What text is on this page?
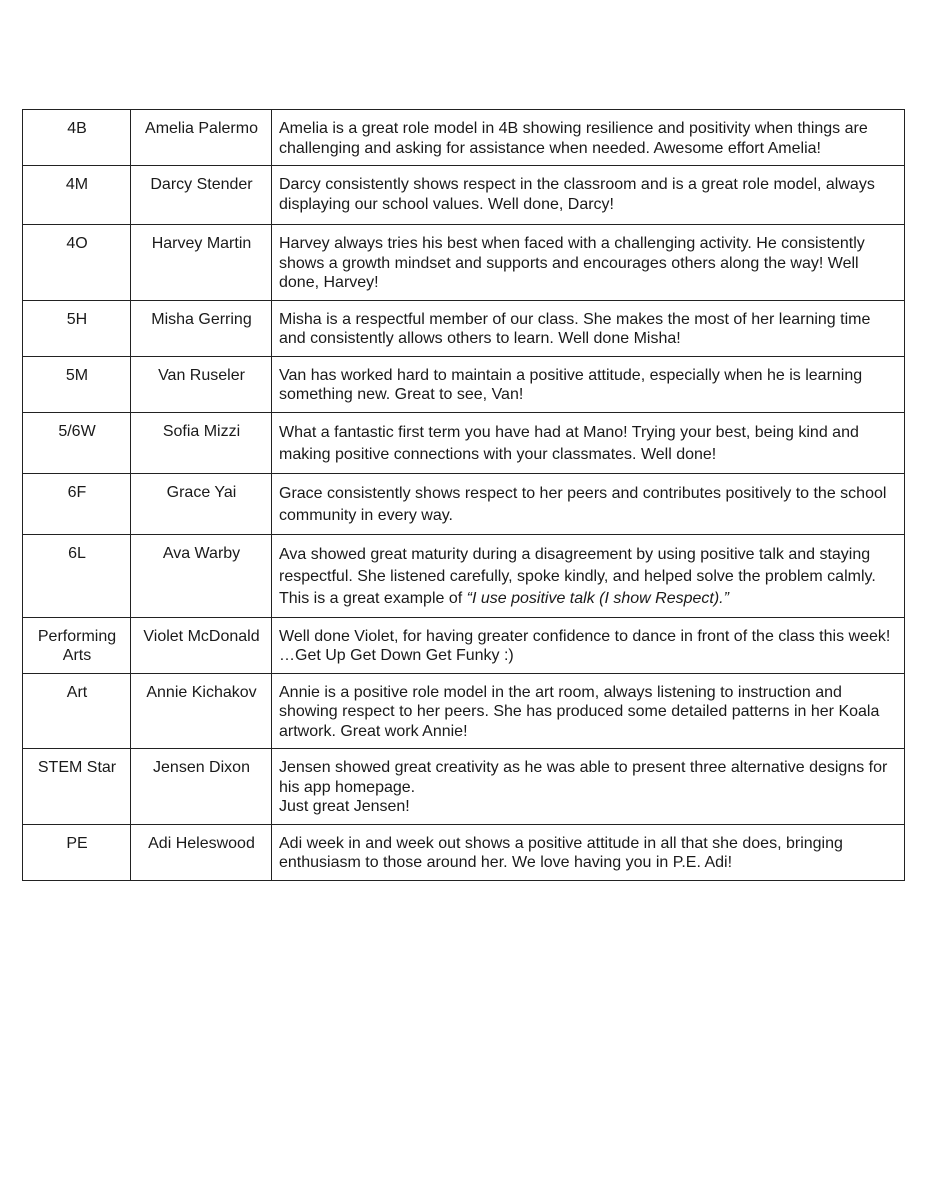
4B	Amelia Palermo	Amelia is a great role model in 4B showing resilience and positivity when things are challenging and asking for assistance when needed. Awesome effort Amelia!
4M	Darcy Stender	Darcy consistently shows respect in the classroom and is a great role model, always displaying our school values. Well done, Darcy!
4O	Harvey Martin	Harvey always tries his best when faced with a challenging activity. He consistently shows a growth mindset and supports and encourages others along the way! Well done, Harvey!
5H	Misha Gerring	Misha is a respectful member of our class. She makes the most of her learning time and consistently allows others to learn. Well done Misha!
5M	Van Ruseler	Van has worked hard to maintain a positive attitude, especially when he is learning something new. Great to see, Van!
5/6W	Sofia Mizzi	What a fantastic first term you have had at Mano! Trying your best, being kind and making positive connections with your classmates. Well done!
6F	Grace Yai	Grace consistently shows respect to her peers and contributes positively to the school community in every way.
6L	Ava Warby	Ava showed great maturity during a disagreement by using positive talk and staying respectful. She listened carefully, spoke kindly, and helped solve the problem calmly. This is a great example of “I use positive talk (I show Respect).”
Performing Arts	Violet McDonald	Well done Violet, for having greater confidence to dance in front of the class this week! …Get Up Get Down Get Funky :)
Art	Annie Kichakov	Annie is a positive role model in the art room, always listening to instruction and showing respect to her peers. She has produced some detailed patterns in her Koala artwork. Great work Annie!
STEM Star	Jensen Dixon	Jensen showed great creativity as he was able to present three alternative designs for his app homepage.
Just great Jensen!

PE	Adi Heleswood	Adi week in and week out shows a positive attitude in all that she does, bringing enthusiasm to those around her. We love having you in P.E. Adi!
